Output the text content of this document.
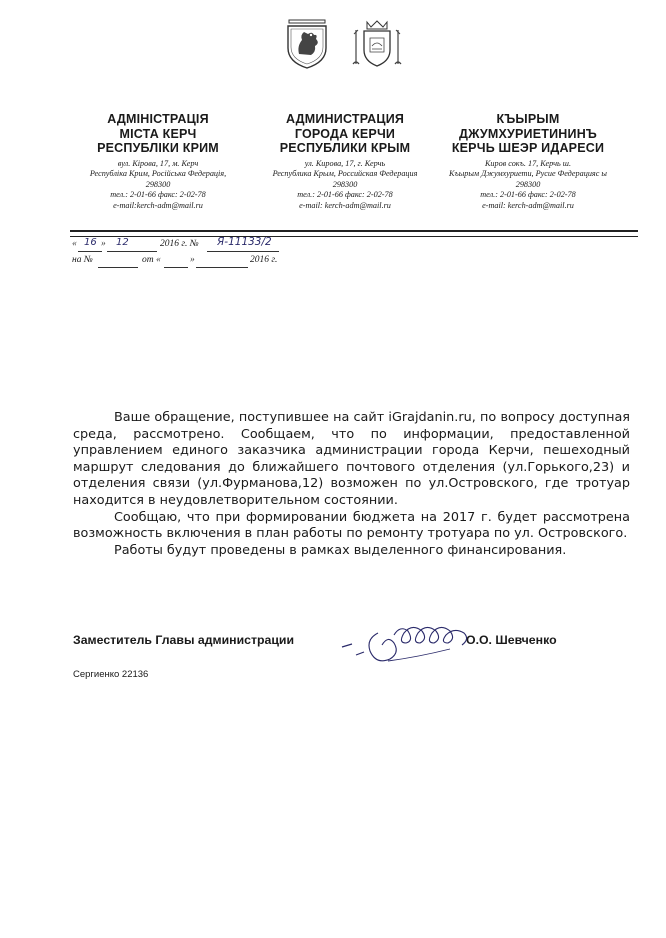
АДМІНІСТРАЦІЯ
МІСТА КЕРЧ
РЕСПУБЛІКИ КРИМ
вул. Кірова, 17, м. Керч
Республіка Крим, Російська Федерація,
298300
тел.: 2-01-66 факс: 2-02-78
e-mail:kerch-adm@mail.ru
АДМИНИСТРАЦИЯ
ГОРОДА КЕРЧИ
РЕСПУБЛИКИ КРЫМ
ул. Кирова, 17, г. Керчь
Республика Крым, Российская Федерация
298300
тел.: 2-01-66 факс: 2-02-78
e-mail: kerch-adm@mail.ru
КЪЫРЫМ
ДЖУМХУРИЕТИНИНЪ
КЕРЧЬ ШЕЭР ИДАРЕСИ
Киров сокъ. 17, Керчь ш.
Къырым Джумхуриети, Русие Федерацияс ы
298300
тел.: 2-01-66 факс: 2-02-78
e-mail: kerch-adm@mail.ru
« 16 » 12	2016 г. № Я-11133/2
на №	от «	»	2016 г.

Ваше обращение, поступившее на сайт iGrajdanin.ru, по вопросу доступная среда, рассмотрено. Сообщаем, что по информации, предоставленной управлением единого заказчика администрации города Керчи, пешеходный маршрут следования до ближайшего почтового отделения (ул.Горького,23) и отделения связи (ул.Фурманова,12) возможен по ул.Островского, где тротуар находится в неудовлетворительном состоянии.

Сообщаю, что при формировании бюджета на 2017 г. будет рассмотрена возможность включения в план работы по ремонту тротуара по ул. Островского.

Работы будут проведены в рамках выделенного финансирования.

Заместитель Главы администрации	О.О. Шевченко
Сергиенко 22136
